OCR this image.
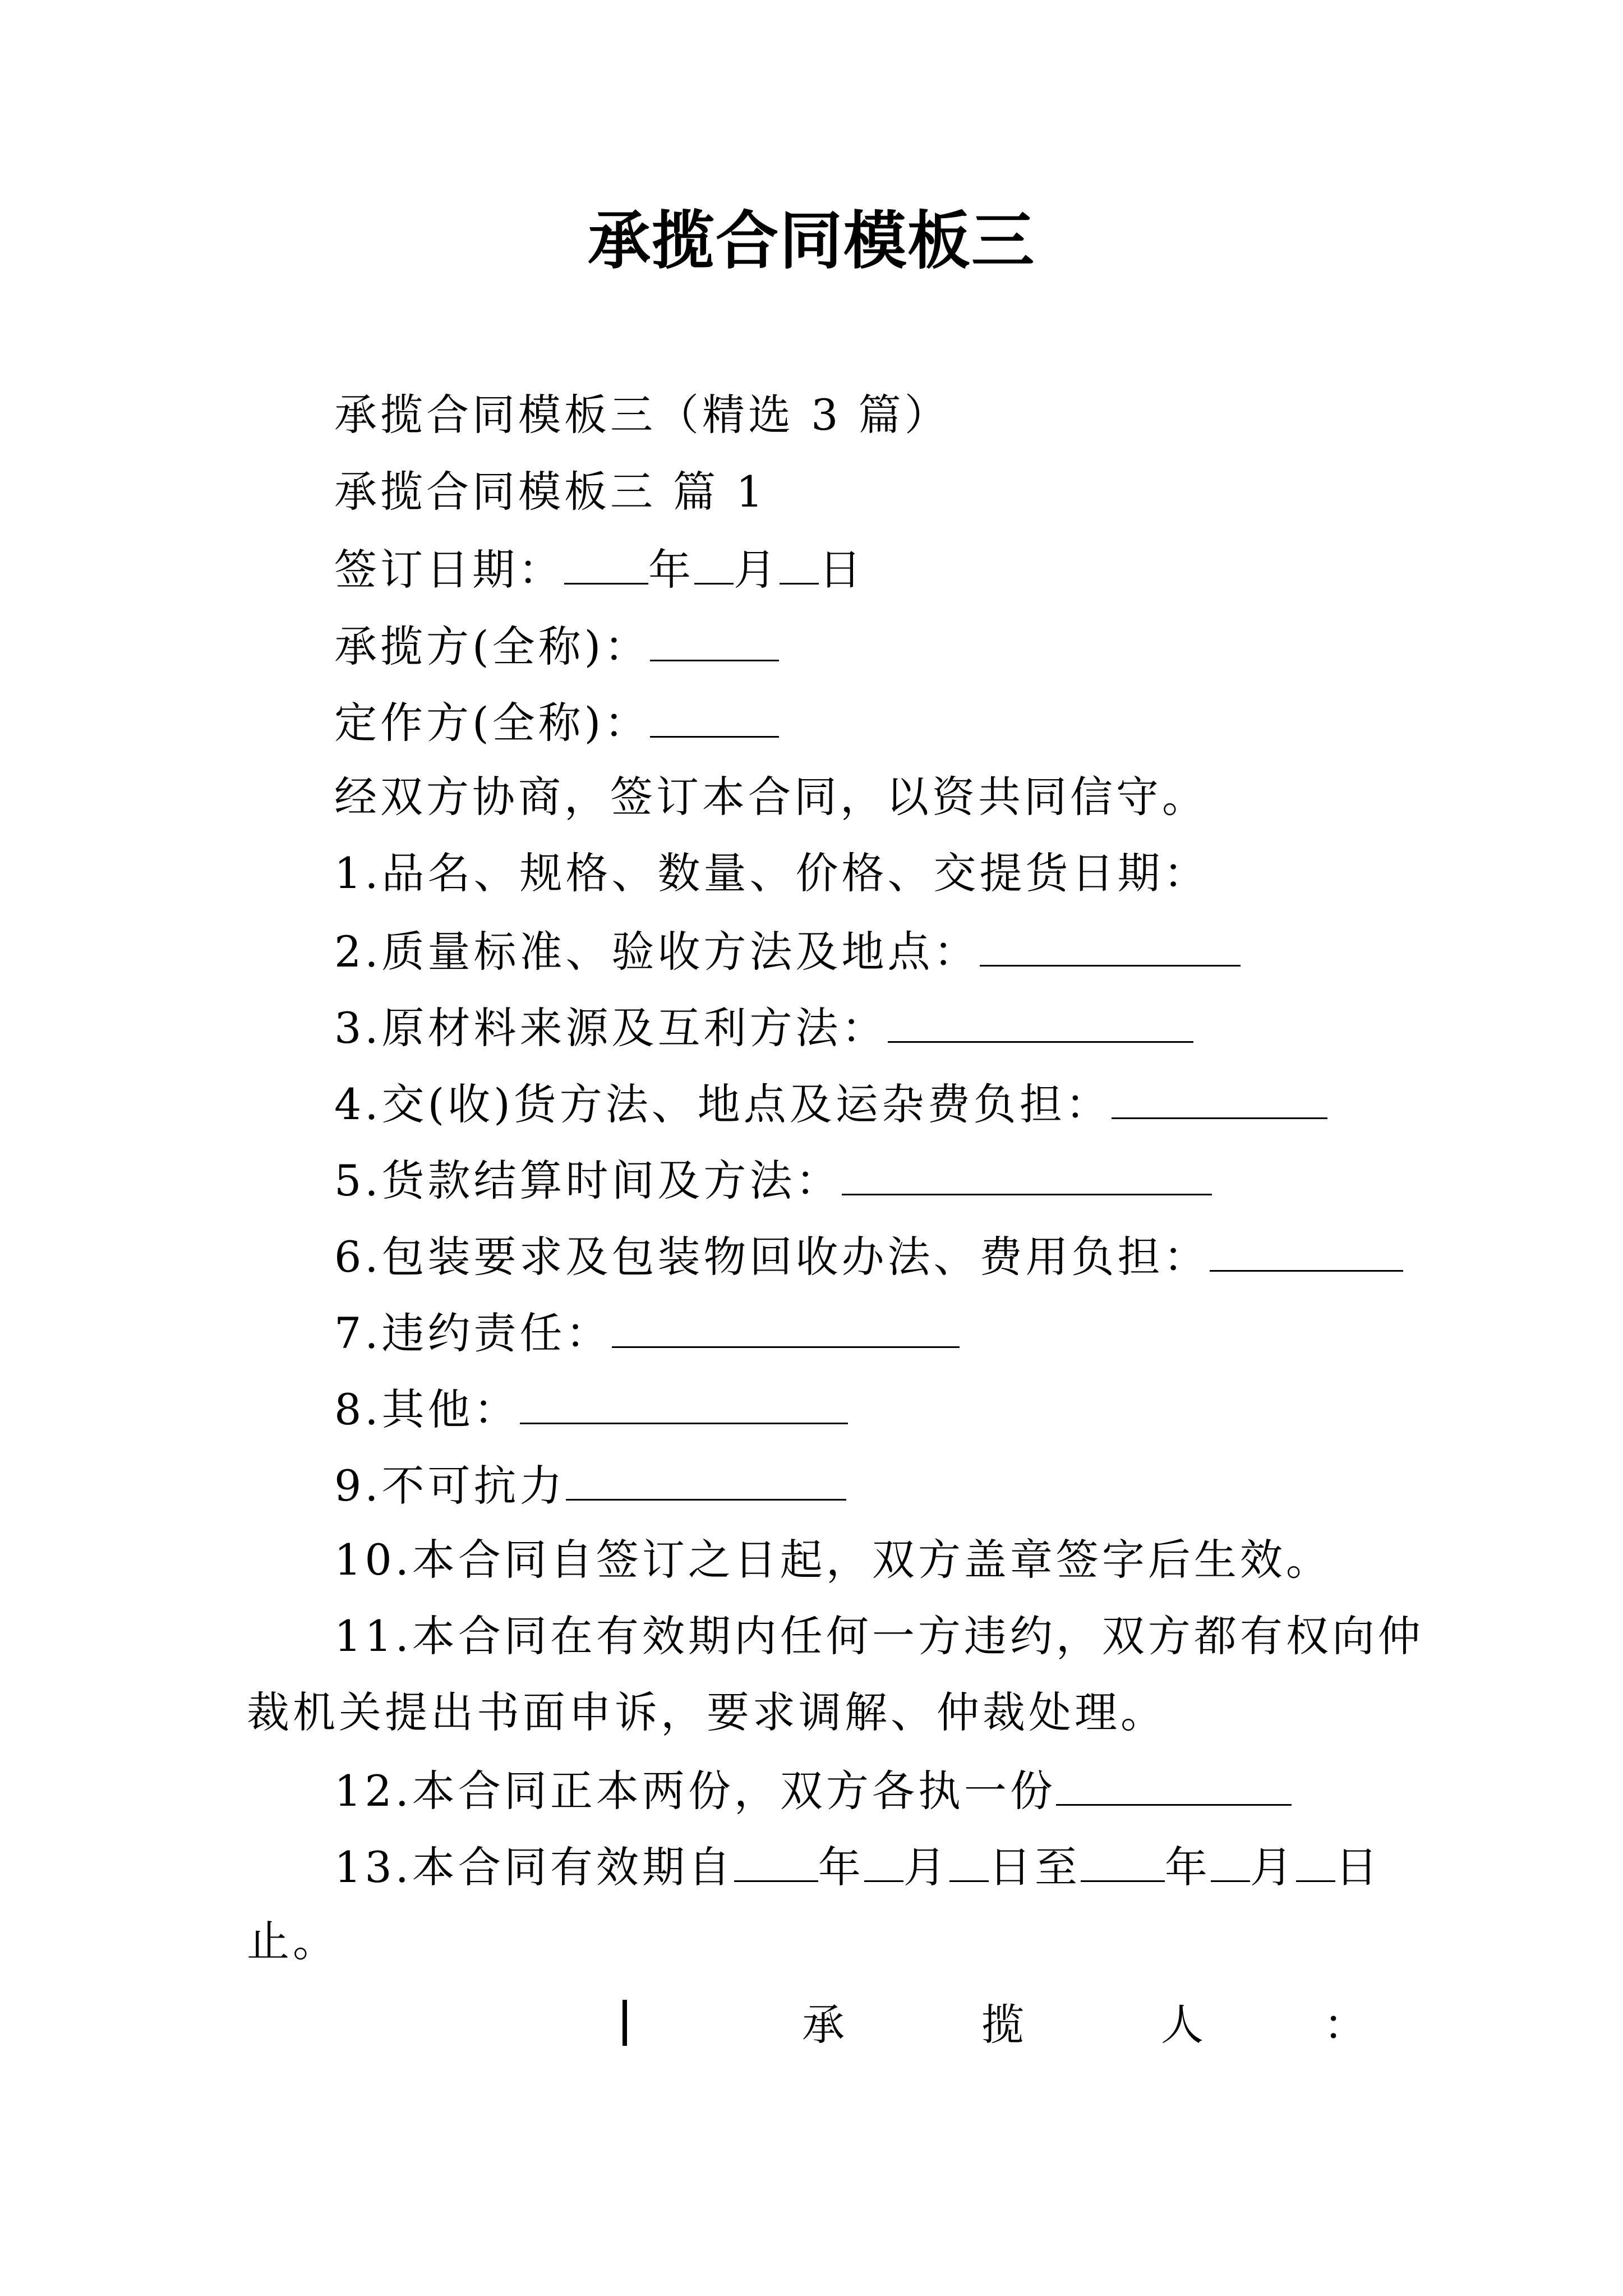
承揽合同模板三
承揽合同模板三（精选 3 篇）
承揽合同模板三 篇 1
签订日期： 年 月 日
承揽方(全称)：
定作方(全称)：
经双方协商，签订本合同，以资共同信守。
1.品名、规格、数量、价格、交提货日期：
2.质量标准、验收方法及地点：
3.原材料来源及互利方法：
4.交(收)货方法、地点及运杂费负担：
5.货款结算时间及方法：
6.包装要求及包装物回收办法、费用负担：
7.违约责任：
8.其他：
9.不可抗力
10.本合同自签订之日起，双方盖章签字后生效。
11.本合同在有效期内任何一方违约，双方都有权向仲
裁机关提出书面申诉，要求调解、仲裁处理。
12.本合同正本两份，双方各执一份
13.本合同有效期自 年 月 日至 年 月 日
止。
承	揽	人	：
